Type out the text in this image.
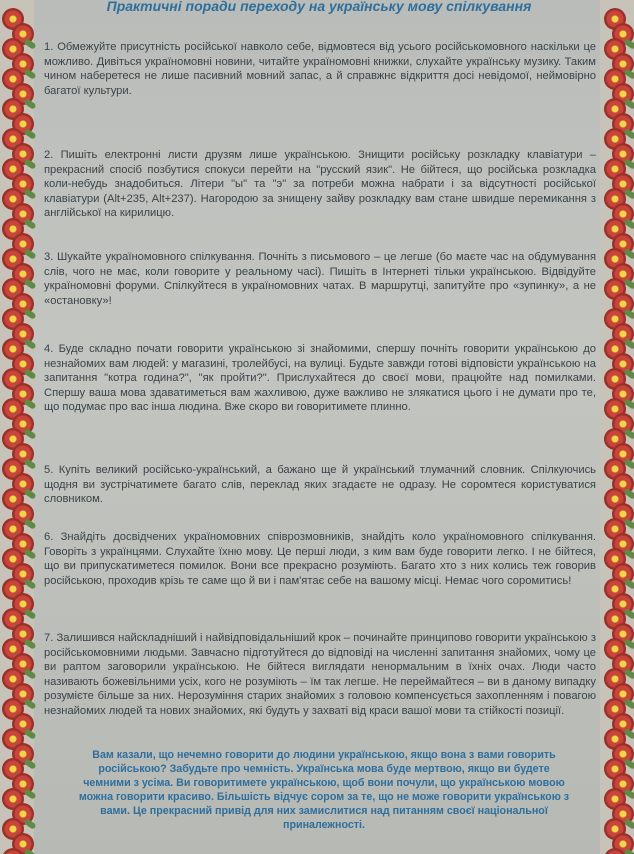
Практичні поради переходу на українську мову спілкування
1. Обмежуйте присутність російської навколо себе, відмовтеся від усього російськомовного наскільки це можливо. Дивіться україномовні новини, читайте україномовні книжки, слухайте українську музику. Таким чином наберетеся не лише пасивний мовний запас, а й справжнє відкриття досі невідомої, неймовірно багатої культури.
2. Пишіть електронні листи друзям лише українською. Знищити російську розкладку клавіатури – прекрасний спосіб позбутися спокуси перейти на "русский язик". Не бійтеся, що російська розкладка коли-небудь знадобиться. Літери "ы" та "э" за потреби можна набрати і за відсутності російської клавіатури (Alt+235, Alt+237). Нагородою за знищену зайву розкладку вам стане швидше перемикання з англійської на кирилицю.
3. Шукайте україномовного спілкування. Почніть з письмового – це легше (бо маєте час на обдумування слів, чого не має, коли говорите у реальному часі). Пишіть в Інтернеті тільки українською. Відвідуйте україномовні форуми. Спілкуйтеся в україномовних чатах. В маршрутці, запитуйте про «зупинку», а не «остановку»!
4. Буде складно почати говорити українською зі знайомими, спершу почніть говорити українською до незнайомих вам людей: у магазині, тролейбусі, на вулиці. Будьте завжди готові відповісти українською на запитання "котра година?", "як пройти?". Прислухайтеся до своєї мови, працюйте над помилками. Спершу ваша мова здаватиметься вам жахливою, дуже важливо не злякатися цього і не думати про те, що подумає про вас інша людина. Вже скоро ви говоритимете плинно.
5. Купіть великий російсько-український, а бажано ще й український тлумачний словник. Спілкуючись щодня ви зустрічатимете багато слів, переклад яких згадаєте не одразу. Не соромтеся користуватися словником.
6. Знайдіть досвідчених україномовних співрозмовників, знайдіть коло україномовного спілкування. Говоріть з українцями. Слухайте їхню мову. Це перші люди, з ким вам буде говорити легко. І не бійтеся, що ви припускатиметеся помилок. Вони все прекрасно розуміють. Багато хто з них колись теж говорив російською, проходив крізь те саме що й ви і пам'ятає себе на вашому місці. Немає чого соромитись!
7. Залишився найскладніший і найвідповідальніший крок – починайте принципово говорити українською з російськомовними людьми. Завчасно підготуйтеся до відповіді на численні запитання знайомих, чому це ви раптом заговорили українською. Не бійтеся виглядати ненормальним в їхніх очах. Люди часто називають божевільними усіх, кого не розуміють – їм так легше. Не переймайтеся – ви в даному випадку розумієте більше за них. Нерозуміння старих знайомих з головою компенсується захопленням і повагою незнайомих людей та нових знайомих, які будуть у захваті від краси вашої мови та стійкості позиції.
Вам казали, що нечемно говорити до людини українською, якщо вона з вами говорить російською? Забудьте про чемність. Українська мова буде мертвою, якщо ви будете чемними з усіма. Ви говоритимете українською, щоб вони почули, що українською мовою можна говорити красиво. Більшість відчує сором за те, що не може говорити українською з вами. Це прекрасний привід для них замислитися над питанням своєї національної приналежності.
